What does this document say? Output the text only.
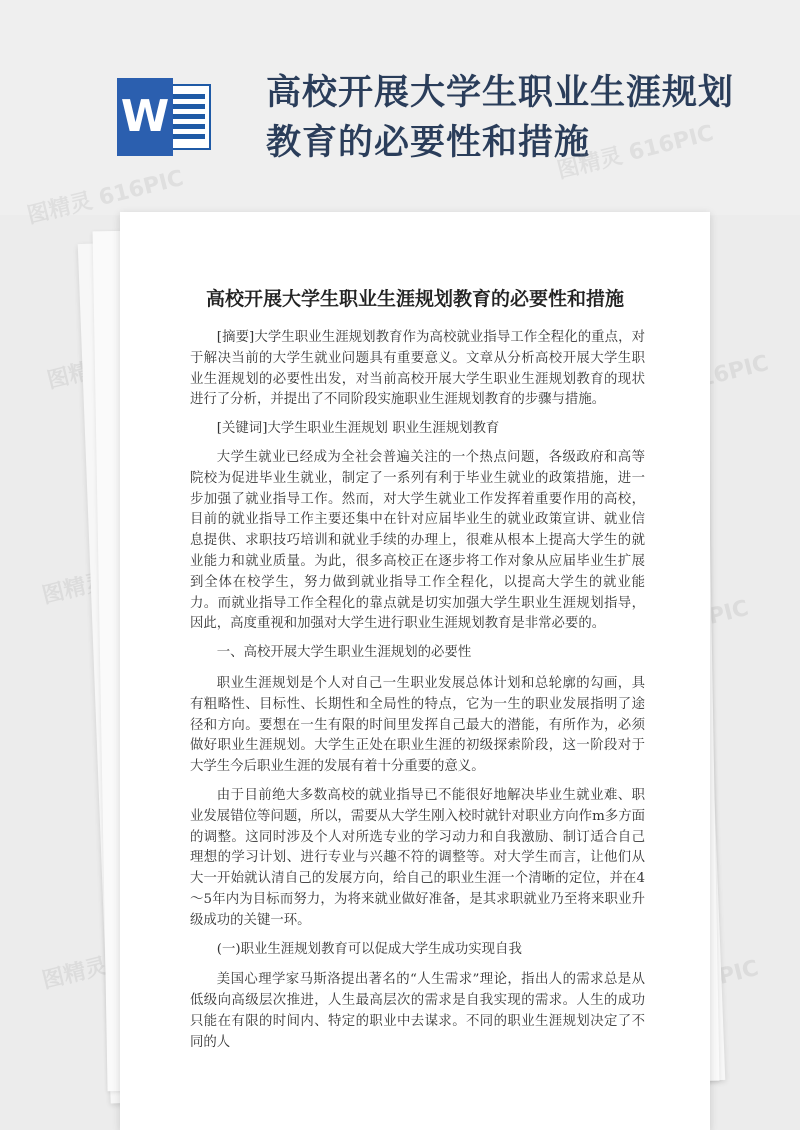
W	高校开展大学生职业生涯规划教育的必要性和措施
图精灵
图精灵
图精灵	616PIC
高校开展大学生职业生涯规划教育的必要性和措施

[摘要]大学生职业生涯规划教育作为高校就业指导工作全程化的重点，对于解决当前的大学生就业问题具有重要意义。文章从分析高校开展大学生职业生涯规划的必要性出发，对当前高校开展大学生职业生涯规划教育的现状进行了分析，并提出了不同阶段实施职业生涯规划教育的步骤与措施。

[关键词]大学生职业生涯规划 职业生涯规划教育

大学生就业已经成为全社会普遍关注的一个热点问题，各级政府和高等院校为促进毕业生就业，制定了一系列有利于毕业生就业的政策措施，进一步加强了就业指导工作。然而，对大学生就业工作发挥着重要作用的高校，目前的就业指导工作主要还集中在针对应届毕业生的就业政策宣讲、就业信息提供、求职技巧培训和就业手续的办理上，很难从根本上提高大学生的就业能力和就业质量。为此，很多高校正在逐步将工作对象从应届毕业生扩展到全体在校学生，努力做到就业指导工作全程化，以提高大学生的就业能力。而就业指导工作全程化的靠点就是切实加强大学生职业生涯规划指导，因此，高度重视和加强对大学生进行职业生涯规划教育是非常必要的。

一、高校开展大学生职业生涯规划的必要性

职业生涯规划是个人对自己一生职业发展总体计划和总轮廓的勾画，具有粗略性、目标性、长期性和全局性的特点，它为一生的职业发展指明了途径和方向。要想在一生有限的时间里发挥自己最大的潜能，有所作为，必须做好职业生涯规划。大学生正处在职业生涯的初级探索阶段，这一阶段对于大学生今后职业生涯的发展有着十分重要的意义。

由于目前绝大多数高校的就业指导已不能很好地解决毕业生就业难、职业发展错位等问题，所以，需要从大学生刚入校时就针对职业方向作m多方面的调整。这同时涉及个人对所选专业的学习动力和自我激励、制订适合自己理想的学习计划、进行专业与兴趣不符的调整等。对大学生而言，让他们从大一开始就认清自己的发展方向，给自己的职业生涯一个清晰的定位，并在4～5年内为目标而努力，为将来就业做好准备，是其求职就业乃至将来职业升级成功的关键一环。

(一)职业生涯规划教育可以促成大学生成功实现自我

美国心理学家马斯洛提出著名的“人生需求”理论，指出人的需求总是从低级向高级层次推进，人生最高层次的需求是自我实现的需求。人生的成功只能在有限的时间内、特定的职业中去谋求。不同的职业生涯规划决定了不同的人
